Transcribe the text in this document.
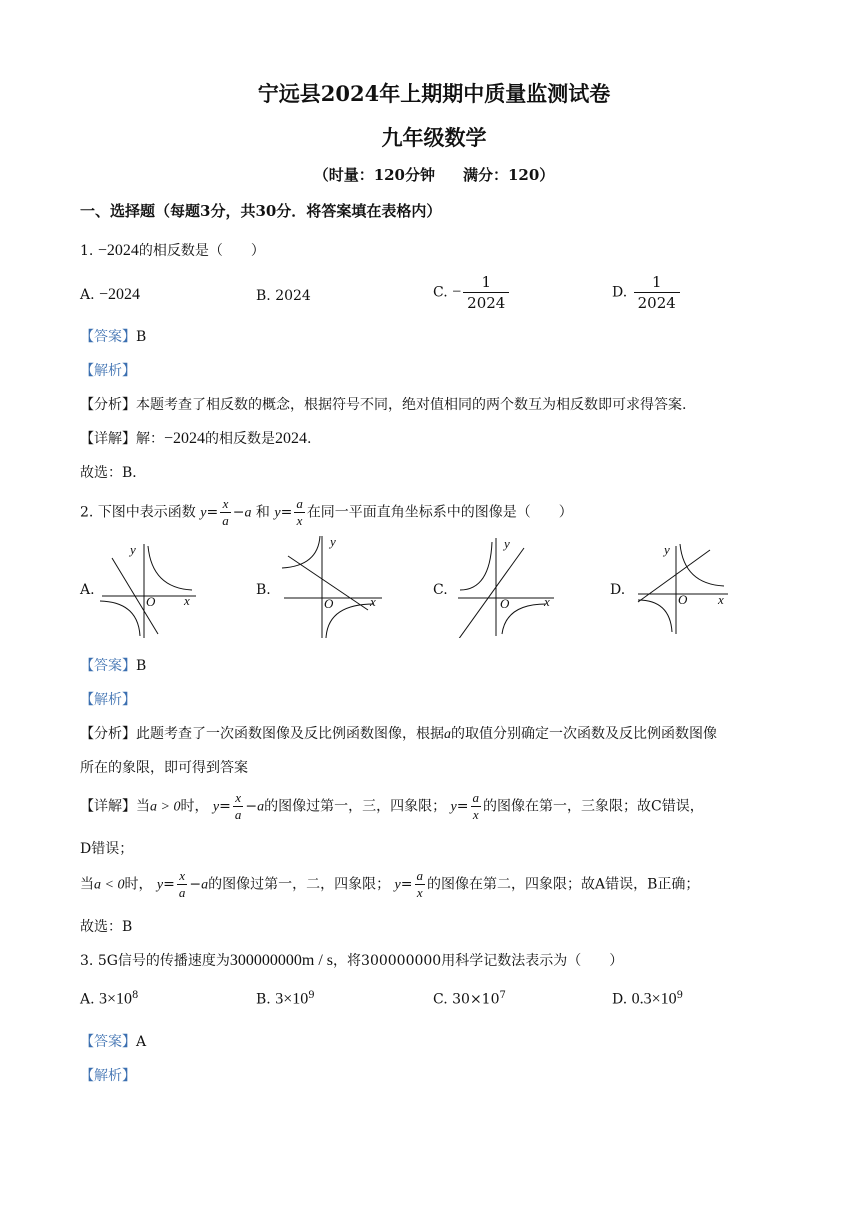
宁远县2024年上期期中质量监测试卷
九年级数学
（时量：120分钟 满分：120）
一、选择题（每题3分，共30分．将答案填在表格内）
1. −2024的相反数是（　　）
A. −2024	B. 2024	C. − $\frac{1}{2024}$	D. $\frac{1}{2024}$
【答案】B
【解析】
【分析】本题考查了相反数的概念，根据符号不同，绝对值相同的两个数互为相反数即可求得答案.
【详解】解：−2024的相反数是2024.
故选：B．
2. 下图中表示函数 $y= \frac{x}{a} -a$ 和 $y= \frac{a}{x}$ 在同一平面直角坐标系中的图像是（　　）
A.	B.	C.	D.
y
x
O
y
x
O
y
x
O
y
x
O
【答案】B
【解析】
【分析】此题考查了一次函数图像及反比例函数图像，根据a的取值分别确定一次函数及反比例函数图像
所在的象限，即可得到答案
【详解】当a > 0时， $y= \frac{x}{a} -a$的图像过第一，三，四象限； $y= \frac{a}{x}$ 的图像在第一，三象限；故C错误，
D错误；
当a < 0时， $y= \frac{x}{a} -a$的图像过第一，二，四象限； $y= \frac{a}{x}$ 的图像在第二，四象限；故A错误，B正确；
故选：B
3. 5G信号的传播速度为300000000m / s，将300000000用科学记数法表示为（　　）
A. $3\times 10^8$	B. $3\times 10^9$	C. $30\times 10^7$	D. $0.3\times 10^9$
【答案】A
【解析】
